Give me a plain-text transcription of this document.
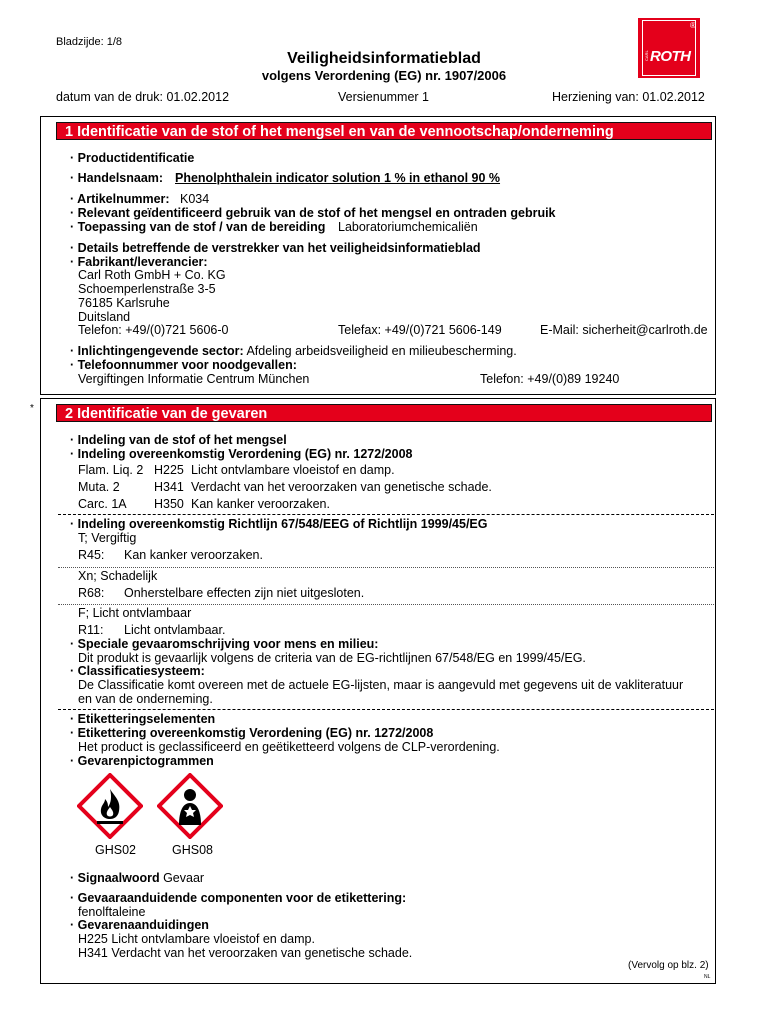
Bladzijde: 1/8
Veiligheidsinformatieblad
volgens Verordening (EG) nr. 1907/2006
datum van de druk: 01.02.2012	Versienummer 1	Herziening van: 01.02.2012
CARL ROTH
®
1 Identificatie van de stof of het mengsel en van de vennootschap/onderneming
· Productidentificatie
· Handelsnaam: Phenolphthalein indicator solution 1 % in ethanol 90 %
· Artikelnummer: K034
· Relevant geïdentificeerd gebruik van de stof of het mengsel en ontraden gebruik
· Toepassing van de stof / van de bereiding Laboratoriumchemicaliën
· Details betreffende de verstrekker van het veiligheidsinformatieblad
· Fabrikant/leverancier:
Carl Roth GmbH + Co. KG
Schoemperlenstraße 3-5
76185 Karlsruhe
Duitsland
Telefon: +49/(0)721 5606-0	Telefax: +49/(0)721 5606-149	E-Mail: sicherheit@carlroth.de
· Inlichtingengevende sector: Afdeling arbeidsveiligheid en milieubescherming.
· Telefoonnummer voor noodgevallen:
Vergiftingen Informatie Centrum München	Telefon: +49/(0)89 19240
*	2 Identificatie van de gevaren
· Indeling van de stof of het mengsel
· Indeling overeenkomstig Verordening (EG) nr. 1272/2008
Flam. Liq. 2 H225 Licht ontvlambare vloeistof en damp.
Muta. 2	H341 Verdacht van het veroorzaken van genetische schade.
Carc. 1A H350 Kan kanker veroorzaken.
· Indeling overeenkomstig Richtlijn 67/548/EEG of Richtlijn 1999/45/EG
T; Vergiftig
R45: Kan kanker veroorzaken.
Xn; Schadelijk
R68: Onherstelbare effecten zijn niet uitgesloten.
F; Licht ontvlambaar
R11: Licht ontvlambaar.
· Speciale gevaaromschrijving voor mens en milieu:
Dit produkt is gevaarlijk volgens de criteria van de EG-richtlijnen 67/548/EG en 1999/45/EG.
· Classificatiesysteem:
De Classificatie komt overeen met de actuele EG-lijsten, maar is aangevuld met gegevens uit de vakliteratuur
en van de onderneming.
· Etiketteringselementen
· Etikettering overeenkomstig Verordening (EG) nr. 1272/2008
Het product is geclassificeerd en geëtiketteerd volgens de CLP-verordening.
· Gevarenpictogrammen
GHS02	GHS08
· Signaalwoord Gevaar
· Gevaaraanduidende componenten voor de etikettering:
fenolftaleine
· Gevarenaanduidingen
H225 Licht ontvlambare vloeistof en damp.
H341 Verdacht van het veroorzaken van genetische schade.
(Vervolg op blz. 2)
NL
